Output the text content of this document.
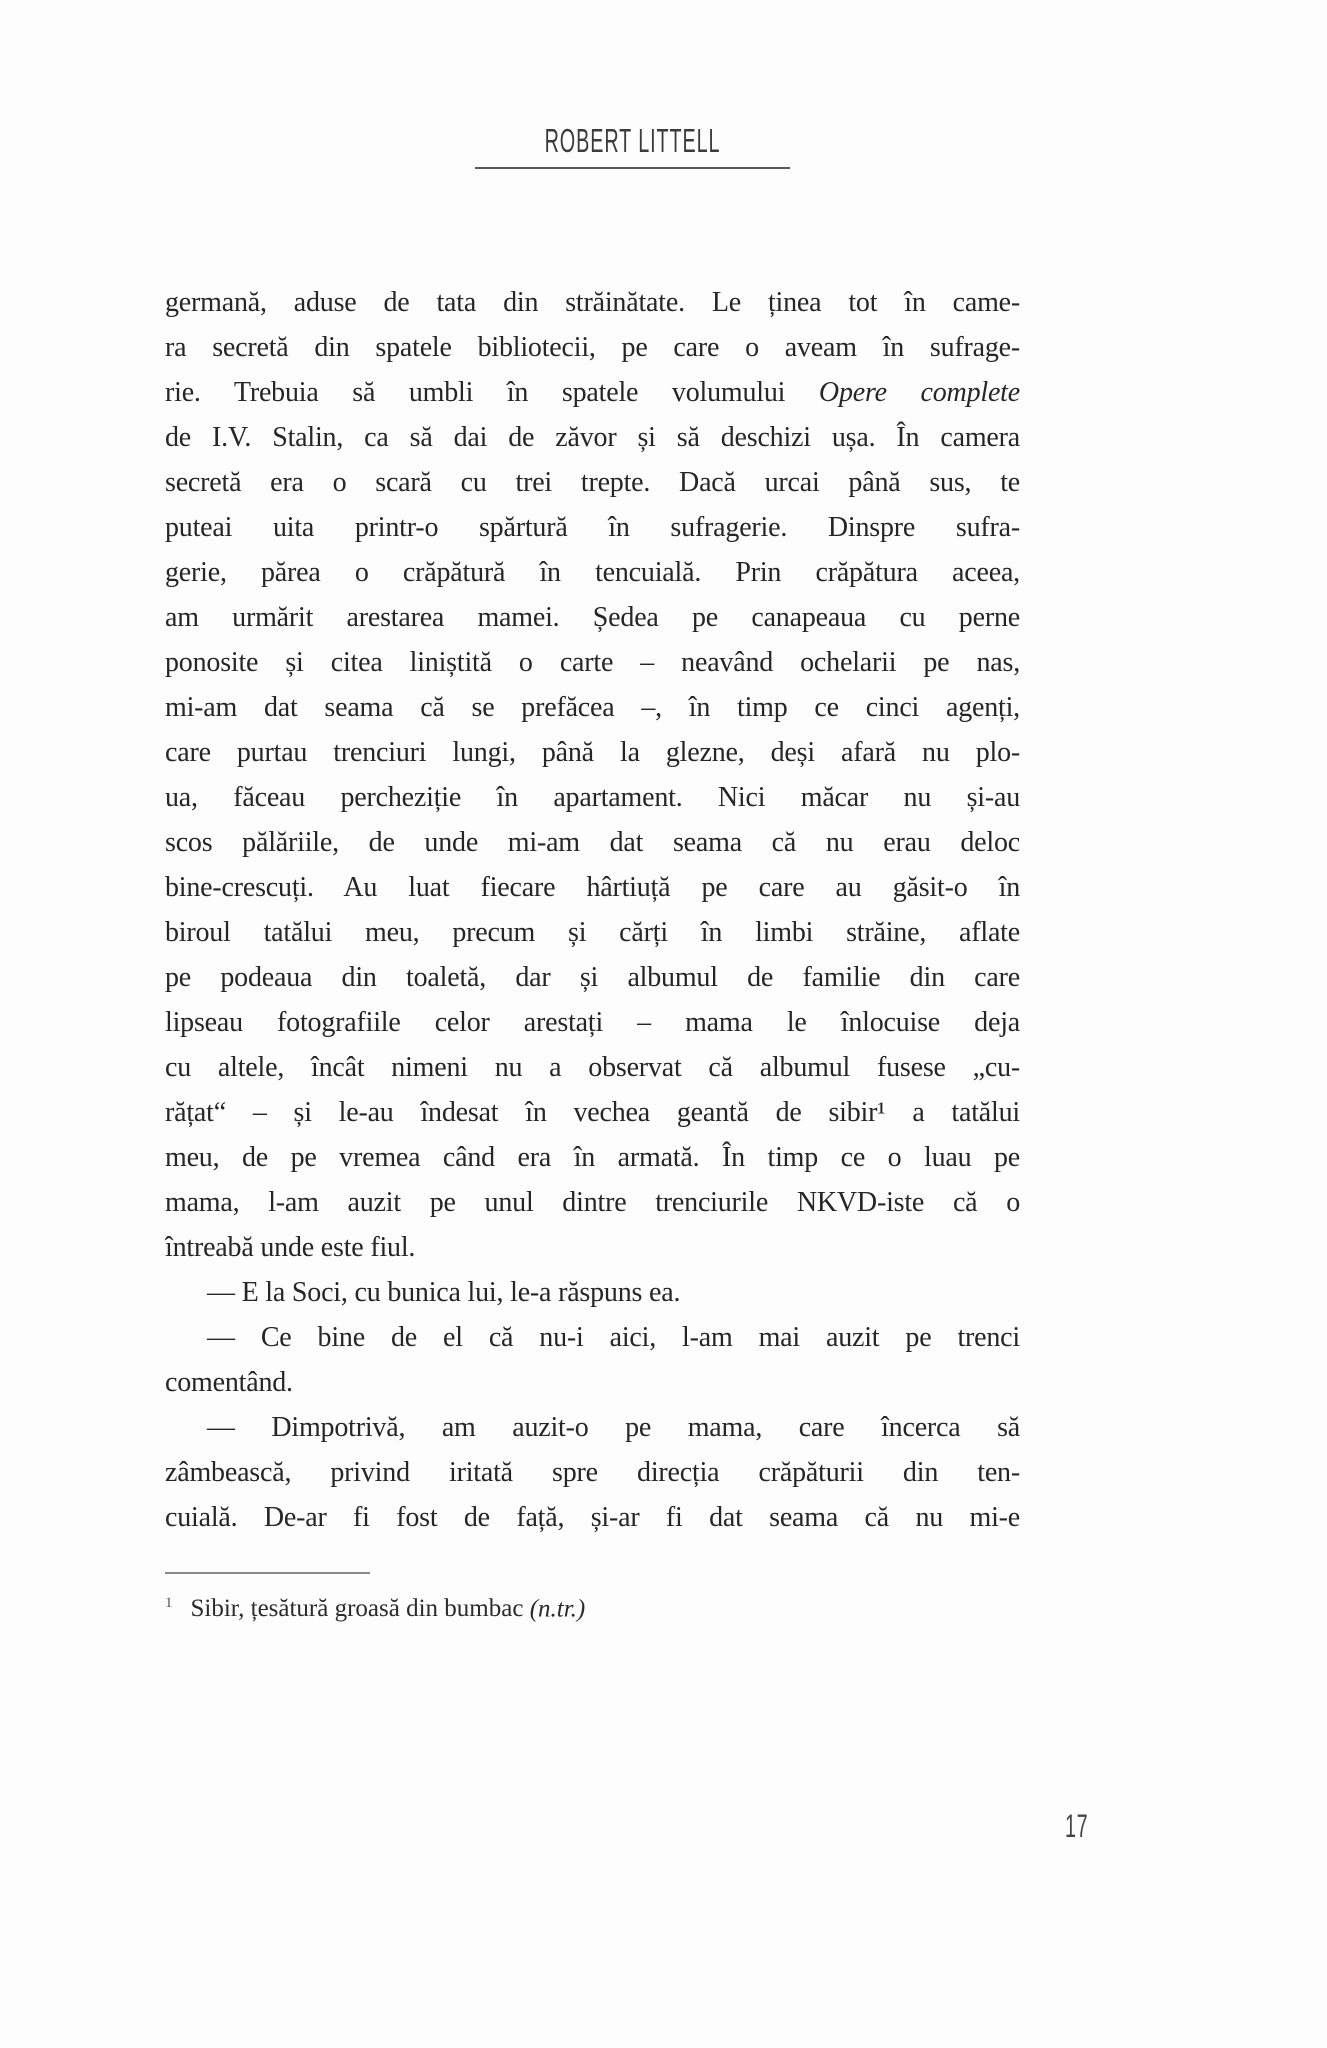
ROBERT LITTELL
germană, aduse de tata din străinătate. Le ținea tot în came-
ra secretă din spatele bibliotecii, pe care o aveam în sufrage-
rie. Trebuia să umbli în spatele volumului Opere complete
de I.V. Stalin, ca să dai de zăvor și să deschizi ușa. În camera
secretă era o scară cu trei trepte. Dacă urcai până sus, te
puteai uita printr-o spărtură în sufragerie. Dinspre sufra-
gerie, părea o crăpătură în tencuială. Prin crăpătura aceea,
am urmărit arestarea mamei. Ședea pe canapeaua cu perne
ponosite și citea liniștită o carte – neavând ochelarii pe nas,
mi-am dat seama că se prefăcea –, în timp ce cinci agenți,
care purtau trenciuri lungi, până la glezne, deși afară nu plo-
ua, făceau percheziție în apartament. Nici măcar nu și-au
scos pălăriile, de unde mi-am dat seama că nu erau deloc
bine-crescuți. Au luat fiecare hârtiuță pe care au găsit-o în
biroul tatălui meu, precum și cărți în limbi străine, aflate
pe podeaua din toaletă, dar și albumul de familie din care
lipseau fotografiile celor arestați – mama le înlocuise deja
cu altele, încât nimeni nu a observat că albumul fusese „cu-
rățat“ – și le-au îndesat în vechea geantă de sibir¹ a tatălui
meu, de pe vremea când era în armată. În timp ce o luau pe
mama, l-am auzit pe unul dintre trenciurile NKVD-iste că o
întreabă unde este fiul.
— E la Soci, cu bunica lui, le-a răspuns ea.
— Ce bine de el că nu-i aici, l-am mai auzit pe trenci
comentând.
— Dimpotrivă, am auzit-o pe mama, care încerca să
zâmbească, privind iritată spre direcția crăpăturii din ten-
cuială. De-ar fi fost de față, și-ar fi dat seama că nu mi-e
$^1$ Sibir, țesătură groasă din bumbac (n.tr.)
17
